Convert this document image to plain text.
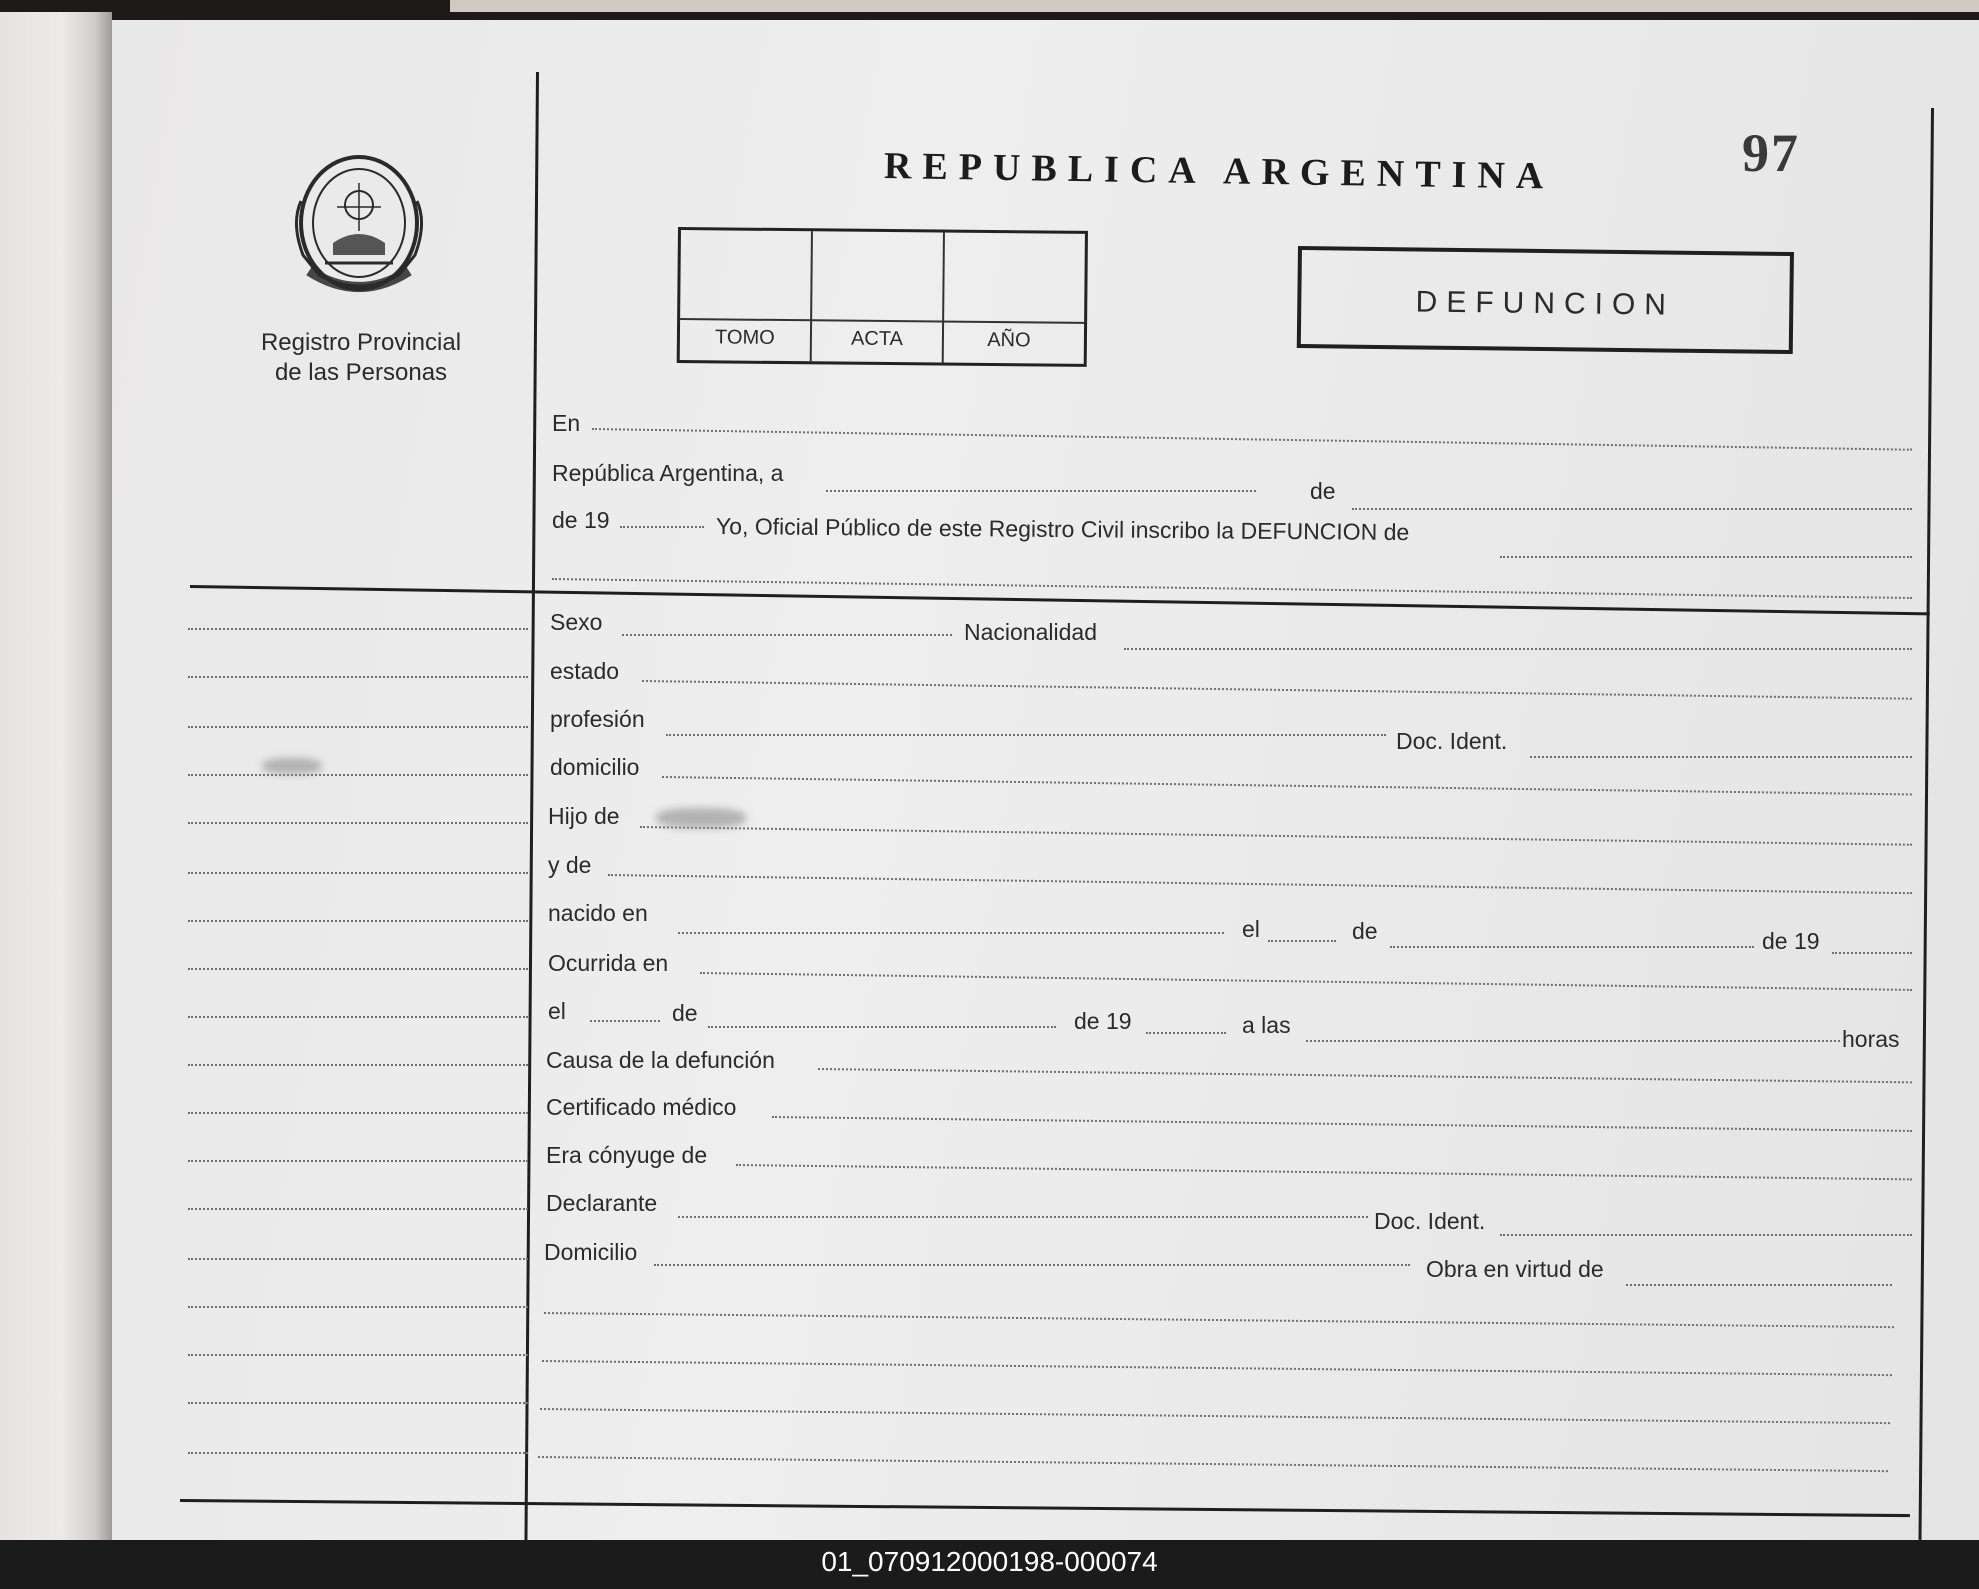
Registro Provincial
de las Personas
REPUBLICA ARGENTINA	97
TOMO	ACTA	AÑO
DEFUNCION
En
República Argentina, a
de
de 19	Yo, Oficial Público de este Registro Civil inscribo la DEFUNCION de
Sexo	Nacionalidad
estado
profesión
Doc. Ident.
domicilio
Hijo de
y de
nacido en
el	de	de 19
Ocurrida en
el	de	de 19	a las
horas
Causa de la defunción
Certificado médico
Era cónyuge de
Declarante
Doc. Ident.
Domicilio
Obra en virtud de
01_070912000198-000074
